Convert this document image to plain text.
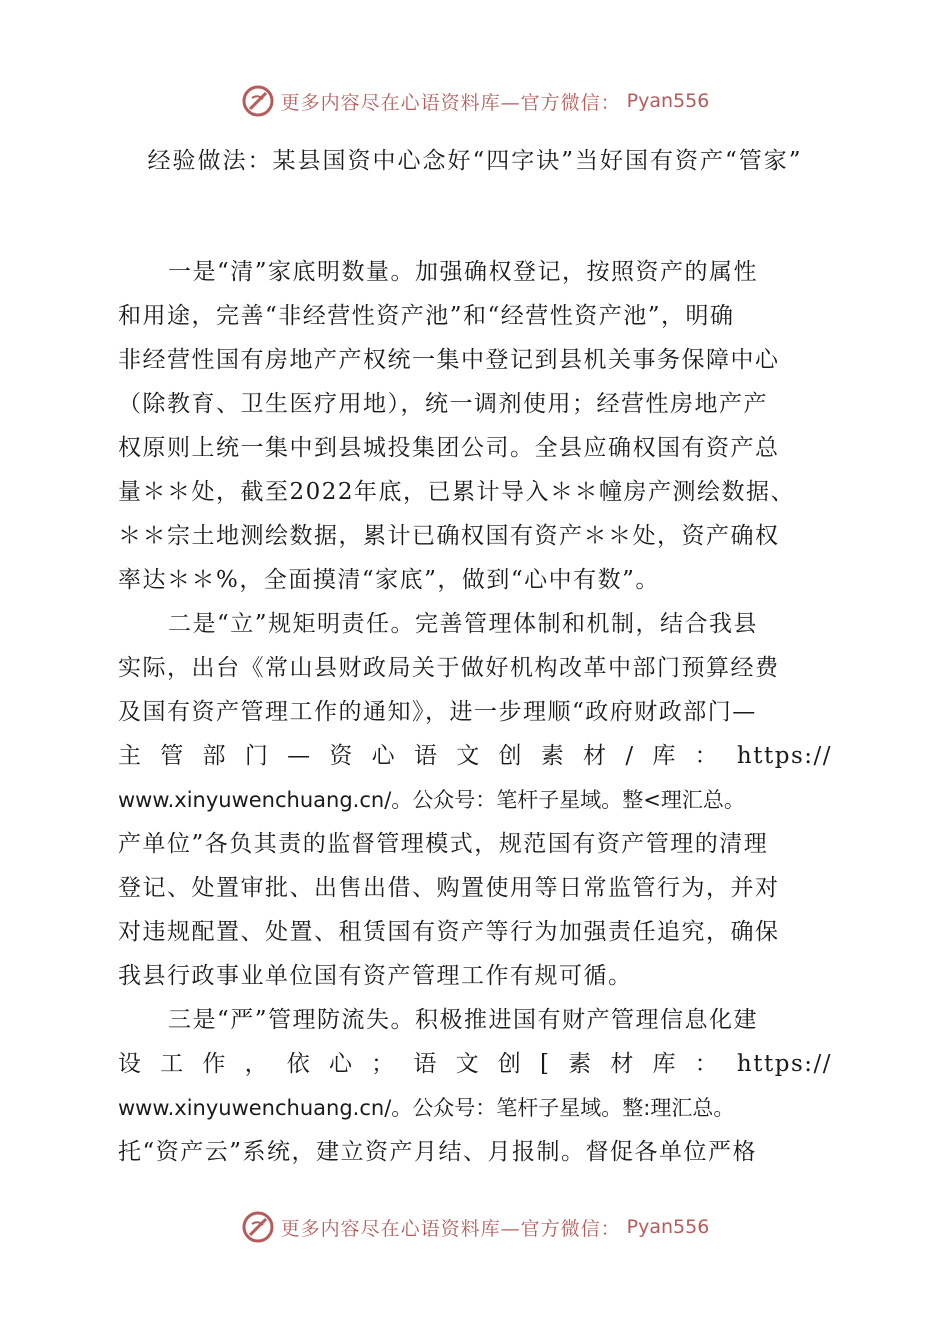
更多内容尽在心语资料库—官方微信： Pyan556
经验做法：某县国资中心念好“四字诀”当好国有资产“管家”
一是“清”家底明数量。加强确权登记，按照资产的属性
和用途，完善“非经营性资产池”和“经营性资产池”，明确
非经营性国有房地产产权统一集中登记到县机关事务保障中心
（除教育、卫生医疗用地），统一调剂使用；经营性房地产产
权原则上统一集中到县城投集团公司。全县应确权国有资产总
量＊＊处，截至2022年底，已累计导入＊＊幢房产测绘数据、
＊＊宗土地测绘数据，累计已确权国有资产＊＊处，资产确权
率达＊＊%，全面摸清“家底”，做到“心中有数”。
二是“立”规矩明责任。完善管理体制和机制，结合我县
实际，出台《常山县财政局关于做好机构改革中部门预算经费
及国有资产管理工作的通知》，进一步理顺“政府财政部门—
主管部门—资心语文创素材/库：https://
www.xinyuwenchuang.cn/。公众号：笔杆子星域。整<理汇总。
产单位”各负其责的监督管理模式，规范国有资产管理的清理
登记、处置审批、出售出借、购置使用等日常监管行为，并对
对违规配置、处置、租赁国有资产等行为加强责任追究，确保
我县行政事业单位国有资产管理工作有规可循。
三是“严”管理防流失。积极推进国有财产管理信息化建
设工作，依心；语文创[素材库：https://
www.xinyuwenchuang.cn/。公众号：笔杆子星域。整:理汇总。
托“资产云”系统，建立资产月结、月报制。督促各单位严格
更多内容尽在心语资料库—官方微信： Pyan556
